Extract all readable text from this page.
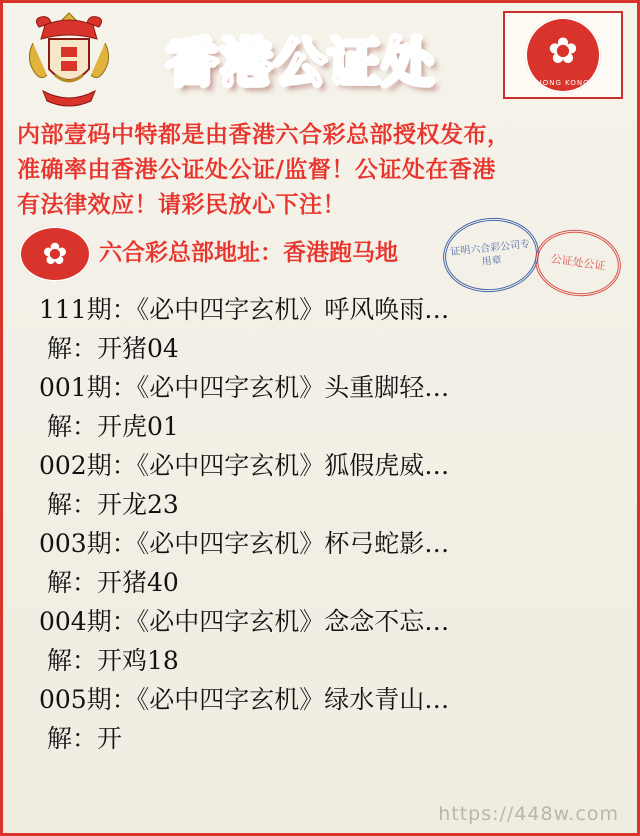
香港公证处	✿
HONG KONG
内部壹码中特都是由香港六合彩总部授权发布，
准确率由香港公证处公证/监督！公证处在香港
有法律效应！请彩民放心下注！
✿	六合彩总部地址：香港跑马地	证明六合彩公司专用章	公证处公证
111期：《必中四字玄机》呼风唤雨…
解：开猪04
001期：《必中四字玄机》头重脚轻…
解：开虎01
002期：《必中四字玄机》狐假虎威…
解：开龙23
003期：《必中四字玄机》杯弓蛇影…
解：开猪40
004期：《必中四字玄机》念念不忘…
解：开鸡18
005期：《必中四字玄机》绿水青山…
解：开
https://448w.com
